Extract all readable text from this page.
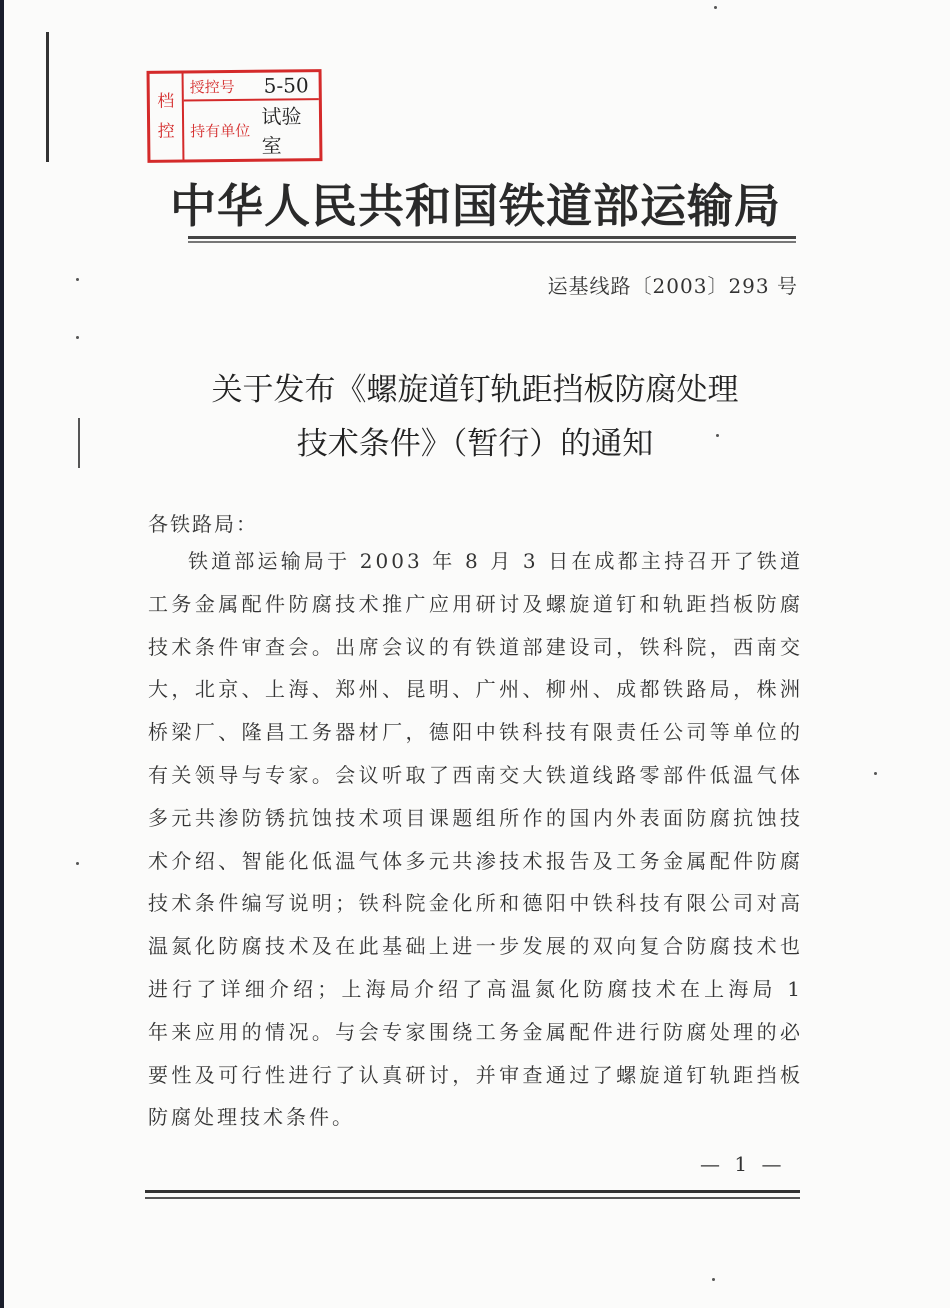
档
控
授控号	5-50
持有单位
试验室
中华人民共和国铁道部运输局
运基线路〔2003〕293 号
关于发布《螺旋道钉轨距挡板防腐处理
技术条件》（暂行）的通知
各铁路局：
铁道部运输局于 2003 年 8 月 3 日在成都主持召开了铁道工务金属配件防腐技术推广应用研讨及螺旋道钉和轨距挡板防腐技术条件审查会。出席会议的有铁道部建设司，铁科院，西南交大，北京、上海、郑州、昆明、广州、柳州、成都铁路局，株洲桥梁厂、隆昌工务器材厂，德阳中铁科技有限责任公司等单位的有关领导与专家。会议听取了西南交大铁道线路零部件低温气体多元共渗防锈抗蚀技术项目课题组所作的国内外表面防腐抗蚀技术介绍、智能化低温气体多元共渗技术报告及工务金属配件防腐技术条件编写说明；铁科院金化所和德阳中铁科技有限公司对高温氮化防腐技术及在此基础上进一步发展的双向复合防腐技术也进行了详细介绍；上海局介绍了高温氮化防腐技术在上海局 1 年来应用的情况。与会专家围绕工务金属配件进行防腐处理的必要性及可行性进行了认真研讨，并审查通过了螺旋道钉轨距挡板防腐处理技术条件。
— 1 —
